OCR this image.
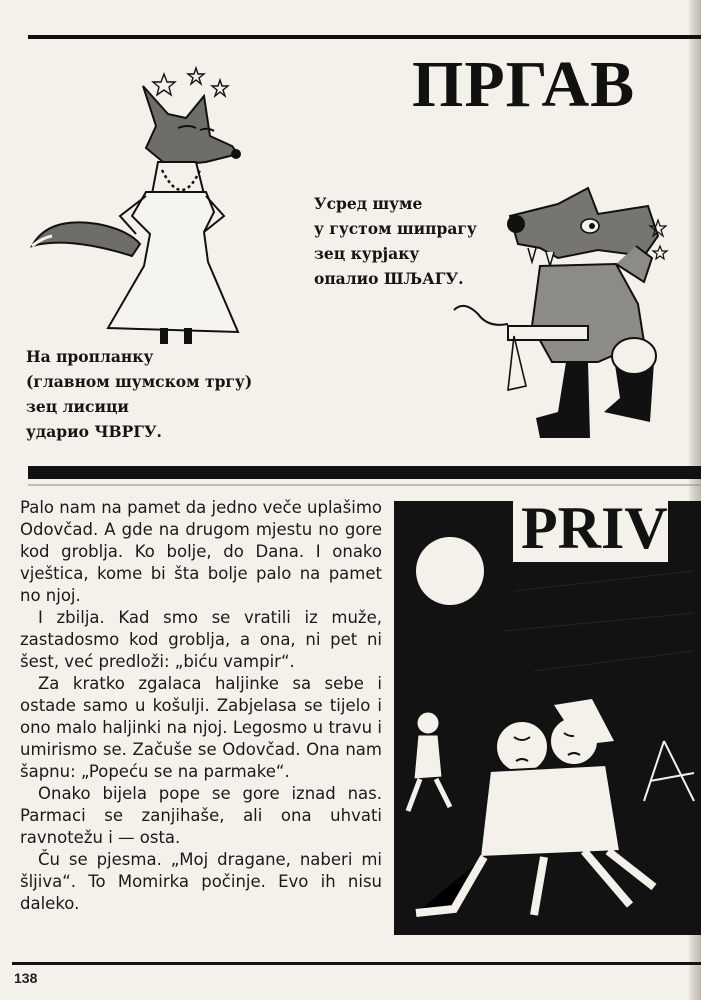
ПРГАВ
Усред шуме
у густом шипрагу
зец курјаку
опалио ШЉАГУ.
На пропланку
(главном шумском тргу)
зец лисици
ударио ЧВРГУ.

Palo nam na pamet da jedno veče uplašimo Odovčad. A gde na drugom mjestu no gore kod groblja. Ko bolje, do Dana. I onako vještica, kome bi šta bolje palo na pamet no njoj.

I zbilja. Kad smo se vratili iz muže, zastadosmo kod groblja, a ona, ni pet ni šest, već predloži: „biću vampir“.

Za kratko zgalaca haljinke sa sebe i ostade samo u košulji. Zabjelasa se tijelo i ono malo haljinki na njoj. Legosmo u travu i umirismo se. Začuše se Odovčad. Ona nam šapnu: „Popeću se na parmake“.

Onako bijela pope se gore iznad nas. Parmaci se zanjihaše, ali ona uhvati ravnotežu i — osta.

Ču se pjesma. „Moj dragane, naberi mi šljiva“. To Momirka počinje. Evo ih nisu daleko.

PRIV
138
